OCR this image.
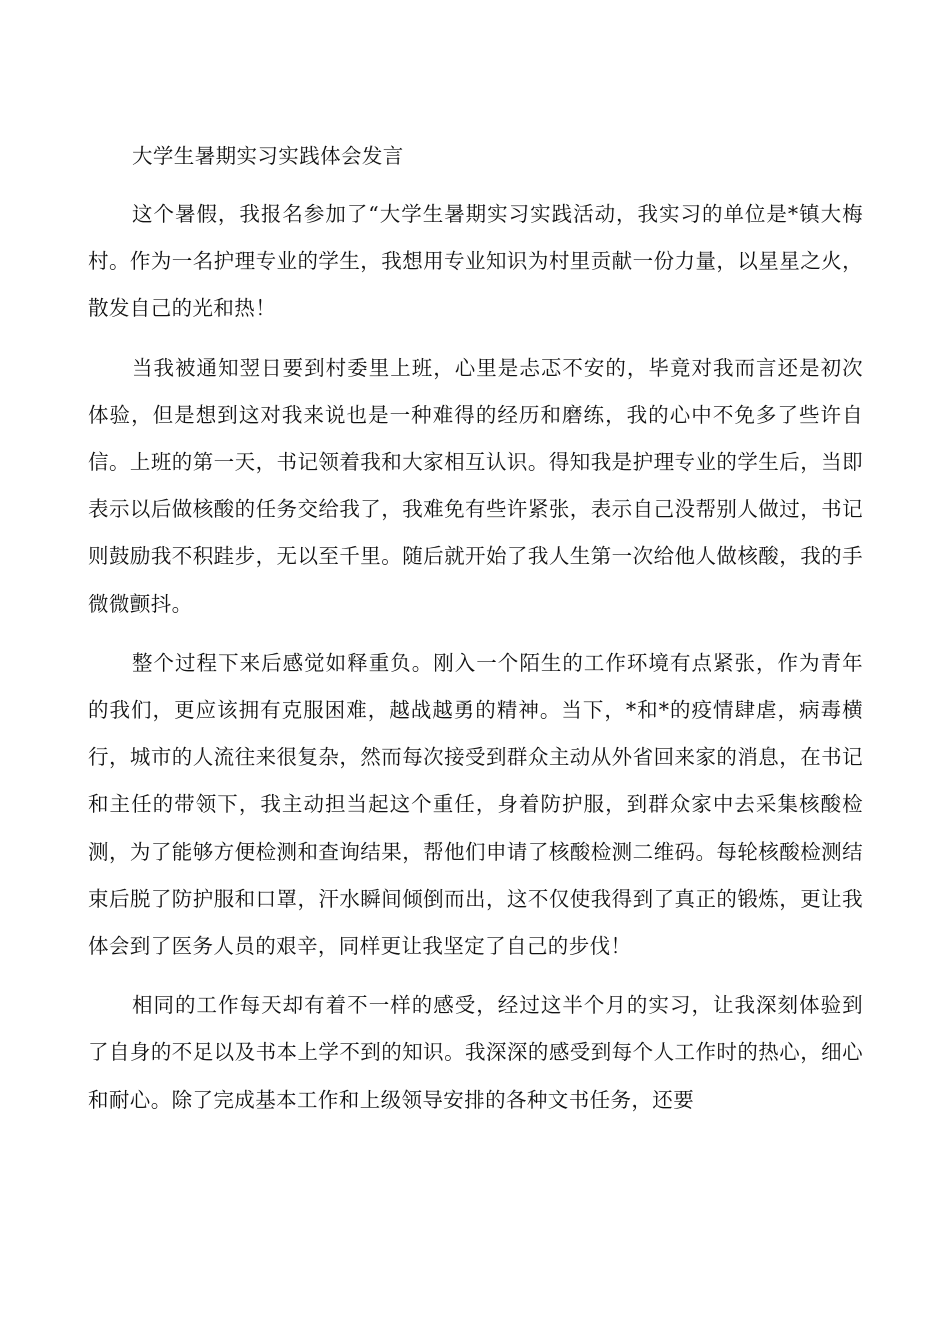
大学生暑期实习实践体会发言

这个暑假，我报名参加了“大学生暑期实习实践活动，我实习的单位是*镇大梅村。作为一名护理专业的学生，我想用专业知识为村里贡献一份力量，以星星之火，散发自己的光和热！

当我被通知翌日要到村委里上班，心里是忐忑不安的，毕竟对我而言还是初次体验，但是想到这对我来说也是一种难得的经历和磨练，我的心中不免多了些许自信。上班的第一天，书记领着我和大家相互认识。得知我是护理专业的学生后，当即表示以后做核酸的任务交给我了，我难免有些许紧张，表示自己没帮别人做过，书记则鼓励我不积跬步，无以至千里。随后就开始了我人生第一次给他人做核酸，我的手微微颤抖。

整个过程下来后感觉如释重负。刚入一个陌生的工作环境有点紧张，作为青年的我们，更应该拥有克服困难，越战越勇的精神。当下，*和*的疫情肆虐，病毒横行，城市的人流往来很复杂，然而每次接受到群众主动从外省回来家的消息，在书记和主任的带领下，我主动担当起这个重任，身着防护服，到群众家中去采集核酸检测，为了能够方便检测和查询结果，帮他们申请了核酸检测二维码。每轮核酸检测结束后脱了防护服和口罩，汗水瞬间倾倒而出，这不仅使我得到了真正的锻炼，更让我体会到了医务人员的艰辛，同样更让我坚定了自己的步伐！

相同的工作每天却有着不一样的感受，经过这半个月的实习，让我深刻体验到了自身的不足以及书本上学不到的知识。我深深的感受到每个人工作时的热心，细心和耐心。除了完成基本工作和上级领导安排的各种文书任务，还要
